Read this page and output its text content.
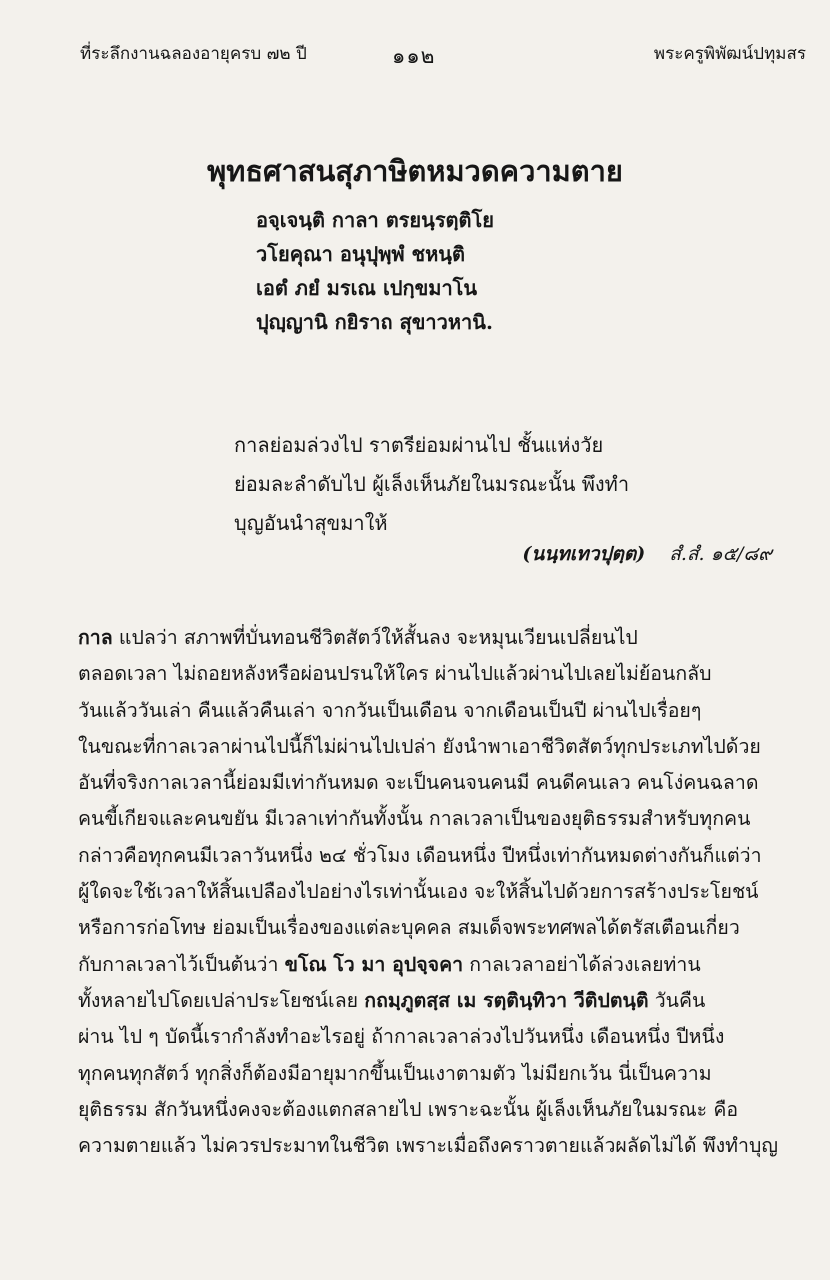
ที่ระลึกงานฉลองอายุครบ ๗๒ ปี	๑๑๒	พระครูพิพัฒน์ปทุมสร
พุทธศาสนสุภาษิตหมวดความตาย
อจฺเจนฺติ กาลา ตรยนฺรตฺติโย
วโยคุณา อนุปุพฺพํ ชหนฺติ
เอตํ ภยํ มรเณ เปกฺขมาโน
ปุญฺญานิ กยิราถ สุขาวหานิ.
กาลย่อมล่วงไป ราตรีย่อมผ่านไป ชั้นแห่งวัย
ย่อมละลำดับไป ผู้เล็งเห็นภัยในมรณะนั้น พึงทำ
บุญอันนำสุขมาให้
(นนฺทเทวปุตฺต) สํ.สํ. ๑๕/๘๙
กาล แปลว่า สภาพที่บั่นทอนชีวิตสัตว์ให้สั้นลง จะหมุนเวียนเปลี่ยนไป
ตลอดเวลา ไม่ถอยหลังหรือผ่อนปรนให้ใคร ผ่านไปแล้วผ่านไปเลยไม่ย้อนกลับ
วันแล้ววันเล่า คืนแล้วคืนเล่า จากวันเป็นเดือน จากเดือนเป็นปี ผ่านไปเรื่อยๆ
ในขณะที่กาลเวลาผ่านไปนี้ก็ไม่ผ่านไปเปล่า ยังนำพาเอาชีวิตสัตว์ทุกประเภทไปด้วย
อันที่จริงกาลเวลานี้ย่อมมีเท่ากันหมด จะเป็นคนจนคนมี คนดีคนเลว คนโง่คนฉลาด
คนขี้เกียจและคนขยัน มีเวลาเท่ากันทั้งนั้น กาลเวลาเป็นของยุติธรรมสำหรับทุกคน
กล่าวคือทุกคนมีเวลาวันหนึ่ง ๒๔ ชั่วโมง เดือนหนึ่ง ปีหนึ่งเท่ากันหมดต่างกันก็แต่ว่า
ผู้ใดจะใช้เวลาให้สิ้นเปลืองไปอย่างไรเท่านั้นเอง จะให้สิ้นไปด้วยการสร้างประโยชน์
หรือการก่อโทษ ย่อมเป็นเรื่องของแต่ละบุคคล สมเด็จพระทศพลได้ตรัสเตือนเกี่ยว
กับกาลเวลาไว้เป็นต้นว่า ขโณ โว มา อุปจฺจคา กาลเวลาอย่าได้ล่วงเลยท่าน
ทั้งหลายไปโดยเปล่าประโยชน์เลย กถมฺภูตสฺส เม รตฺตินฺทิวา วีติปตนฺติ วันคืน
ผ่าน ไป ๆ บัดนี้เรากำลังทำอะไรอยู่ ถ้ากาลเวลาล่วงไปวันหนึ่ง เดือนหนึ่ง ปีหนึ่ง
ทุกคนทุกสัตว์ ทุกสิ่งก็ต้องมีอายุมากขึ้นเป็นเงาตามตัว ไม่มียกเว้น นี่เป็นความ
ยุติธรรม สักวันหนึ่งคงจะต้องแตกสลายไป เพราะฉะนั้น ผู้เล็งเห็นภัยในมรณะ คือ
ความตายแล้ว ไม่ควรประมาทในชีวิต เพราะเมื่อถึงคราวตายแล้วผลัดไม่ได้ พึงทำบุญ
